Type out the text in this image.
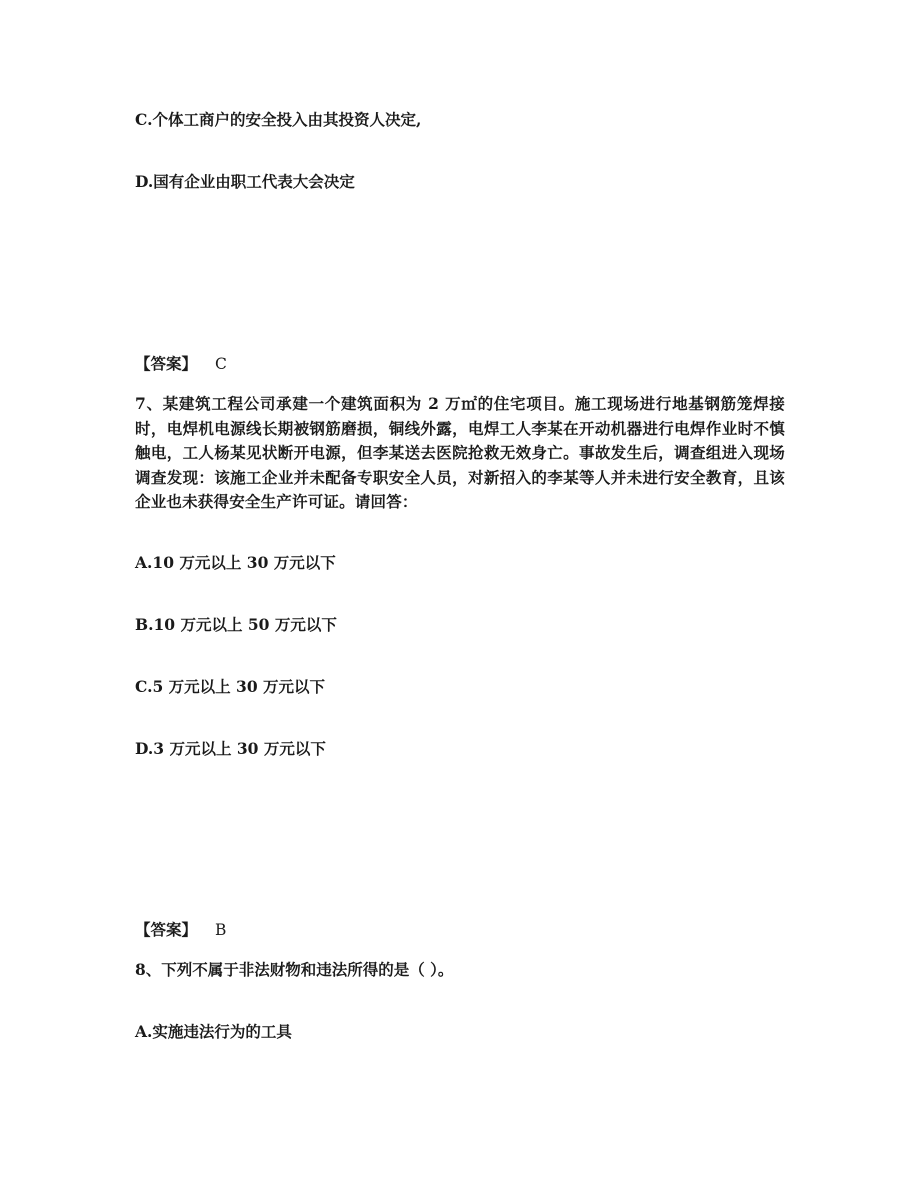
C.个体工商户的安全投入由其投资人决定,
D.国有企业由职工代表大会决定
【答案】 C
7、某建筑工程公司承建一个建筑面积为 2 万㎡的住宅项目。施工现场进行地基钢筋笼焊接时，电焊机电源线长期被钢筋磨损，铜线外露，电焊工人李某在开动机器进行电焊作业时不慎触电，工人杨某见状断开电源，但李某送去医院抢救无效身亡。事故发生后，调查组进入现场调查发现：该施工企业并未配备专职安全人员，对新招入的李某等人并未进行安全教育，且该企业也未获得安全生产许可证。请回答：
A.10 万元以上 30 万元以下
B.10 万元以上 50 万元以下
C.5 万元以上 30 万元以下
D.3 万元以上 30 万元以下
【答案】 B
8、下列不属于非法财物和违法所得的是（ ）。
A.实施违法行为的工具
